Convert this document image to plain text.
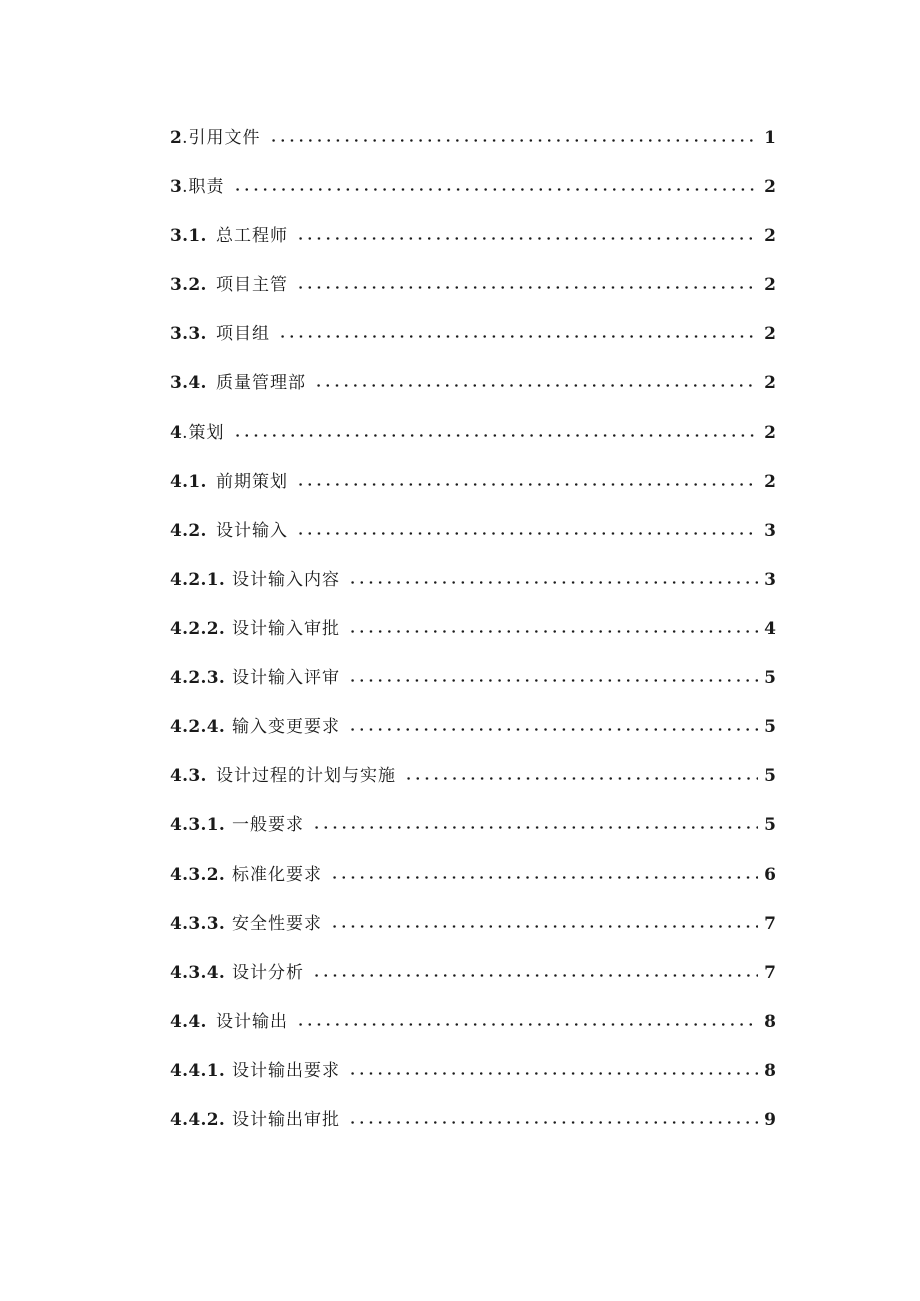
2 .引用文件	1
3 .职责	2
3.1. 总工程师	2
3.2. 项目主管	2
3.3. 项目组	2
3.4. 质量管理部	2
4 .策划	2
4.1. 前期策划	2
4.2. 设计输入	3
4.2.1. 设计输入内容	3
4.2.2. 设计输入审批	4
4.2.3. 设计输入评审	5
4.2.4. 输入变更要求	5
4.3. 设计过程的计划与实施	5
4.3.1. 一般要求	5
4.3.2. 标准化要求	6
4.3.3. 安全性要求	7
4.3.4. 设计分析	7
4.4. 设计输出	8
4.4.1. 设计输出要求	8
4.4.2. 设计输出审批	9
